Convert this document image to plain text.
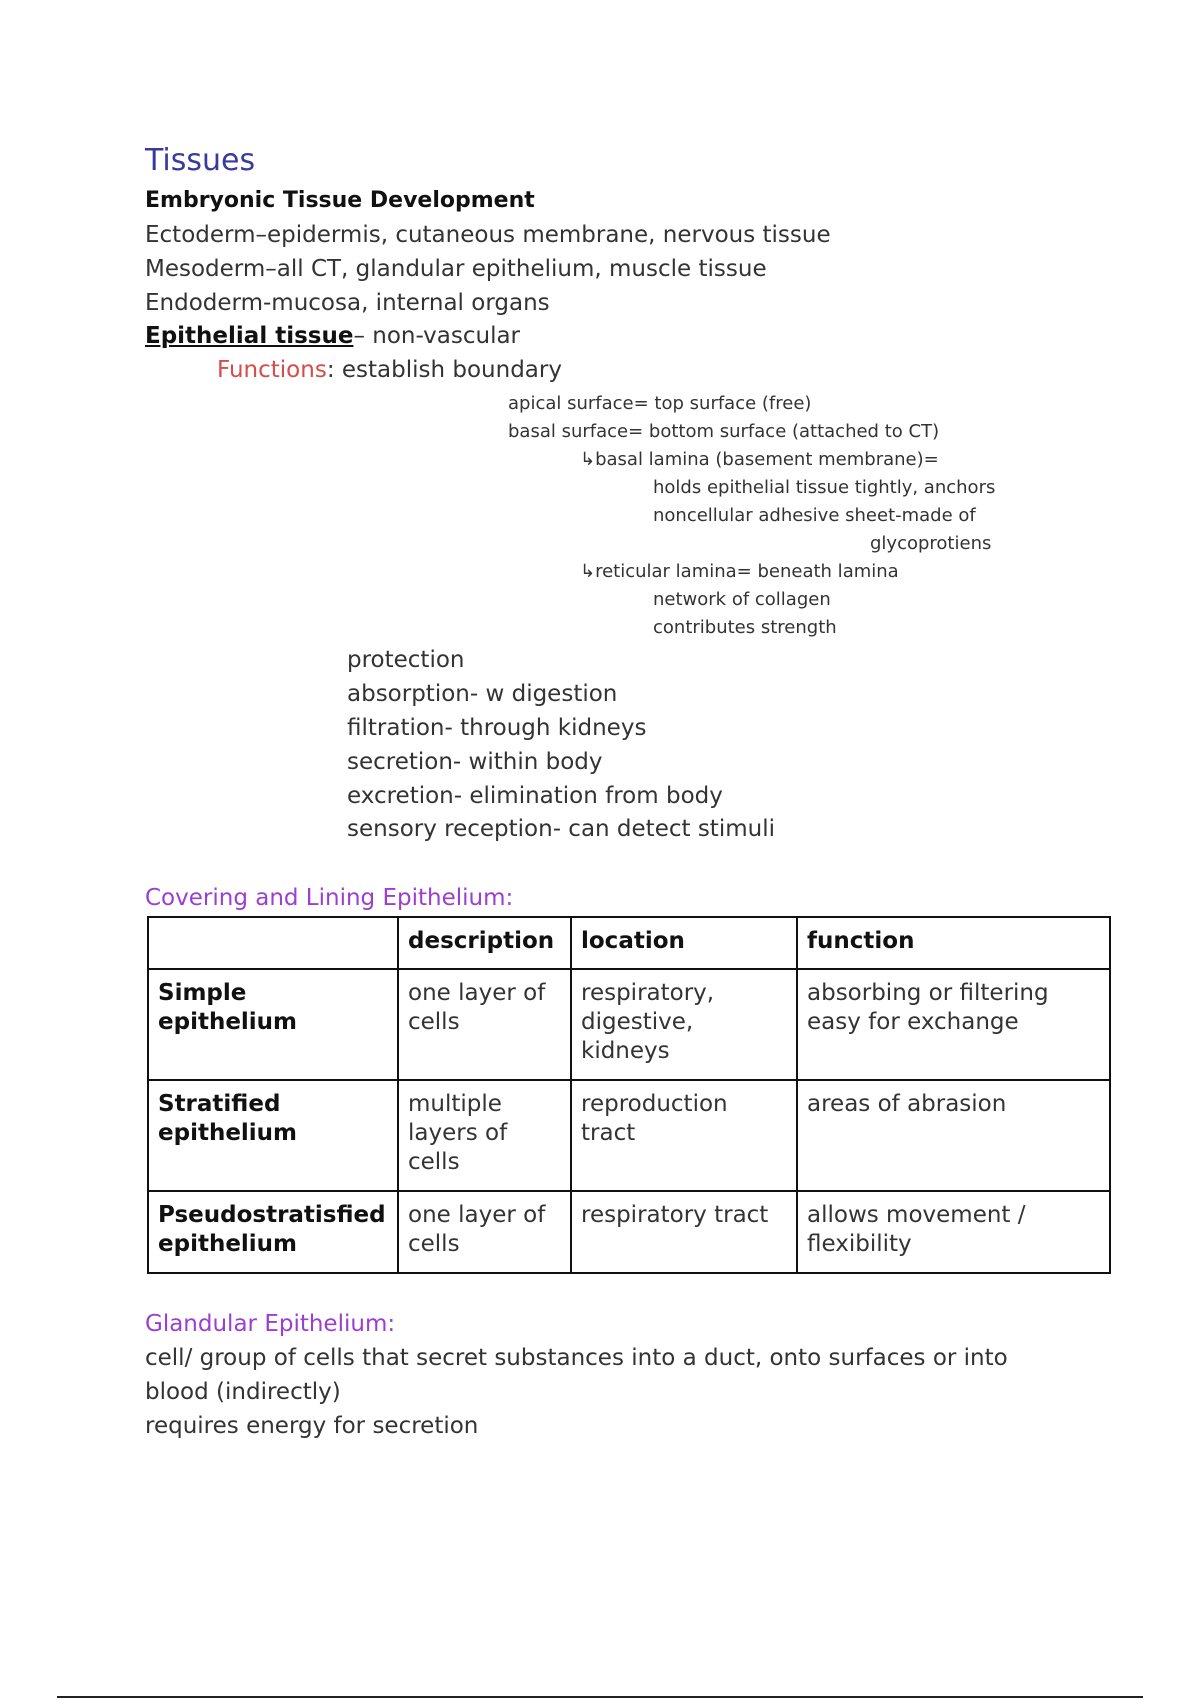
Tissues
Embryonic Tissue Development
Ectoderm–epidermis, cutaneous membrane, nervous tissue
Mesoderm–all CT, glandular epithelium, muscle tissue
Endoderm-mucosa, internal organs
Epithelial tissue– non-vascular
Functions: establish boundary
apical surface= top surface (free)
basal surface= bottom surface (attached to CT)
↳basal lamina (basement membrane)=
holds epithelial tissue tightly, anchors
noncellular adhesive sheet-made of
glycoprotiens
↳reticular lamina= beneath lamina
network of collagen
contributes strength
protection
absorption- w digestion
filtration- through kidneys
secretion- within body
excretion- elimination from body
sensory reception- can detect stimuli
Covering and Lining Epithelium:
	description	location	function
Simple epithelium	one layer of cells	respiratory, digestive, kidneys	absorbing or filtering easy for exchange
Stratified epithelium	multiple layers of cells	reproduction tract	areas of abrasion
Pseudostratisfied epithelium	one layer of cells	respiratory tract	allows movement / flexibility
Glandular Epithelium:
cell/ group of cells that secret substances into a duct, onto surfaces or into
blood (indirectly)
requires energy for secretion
